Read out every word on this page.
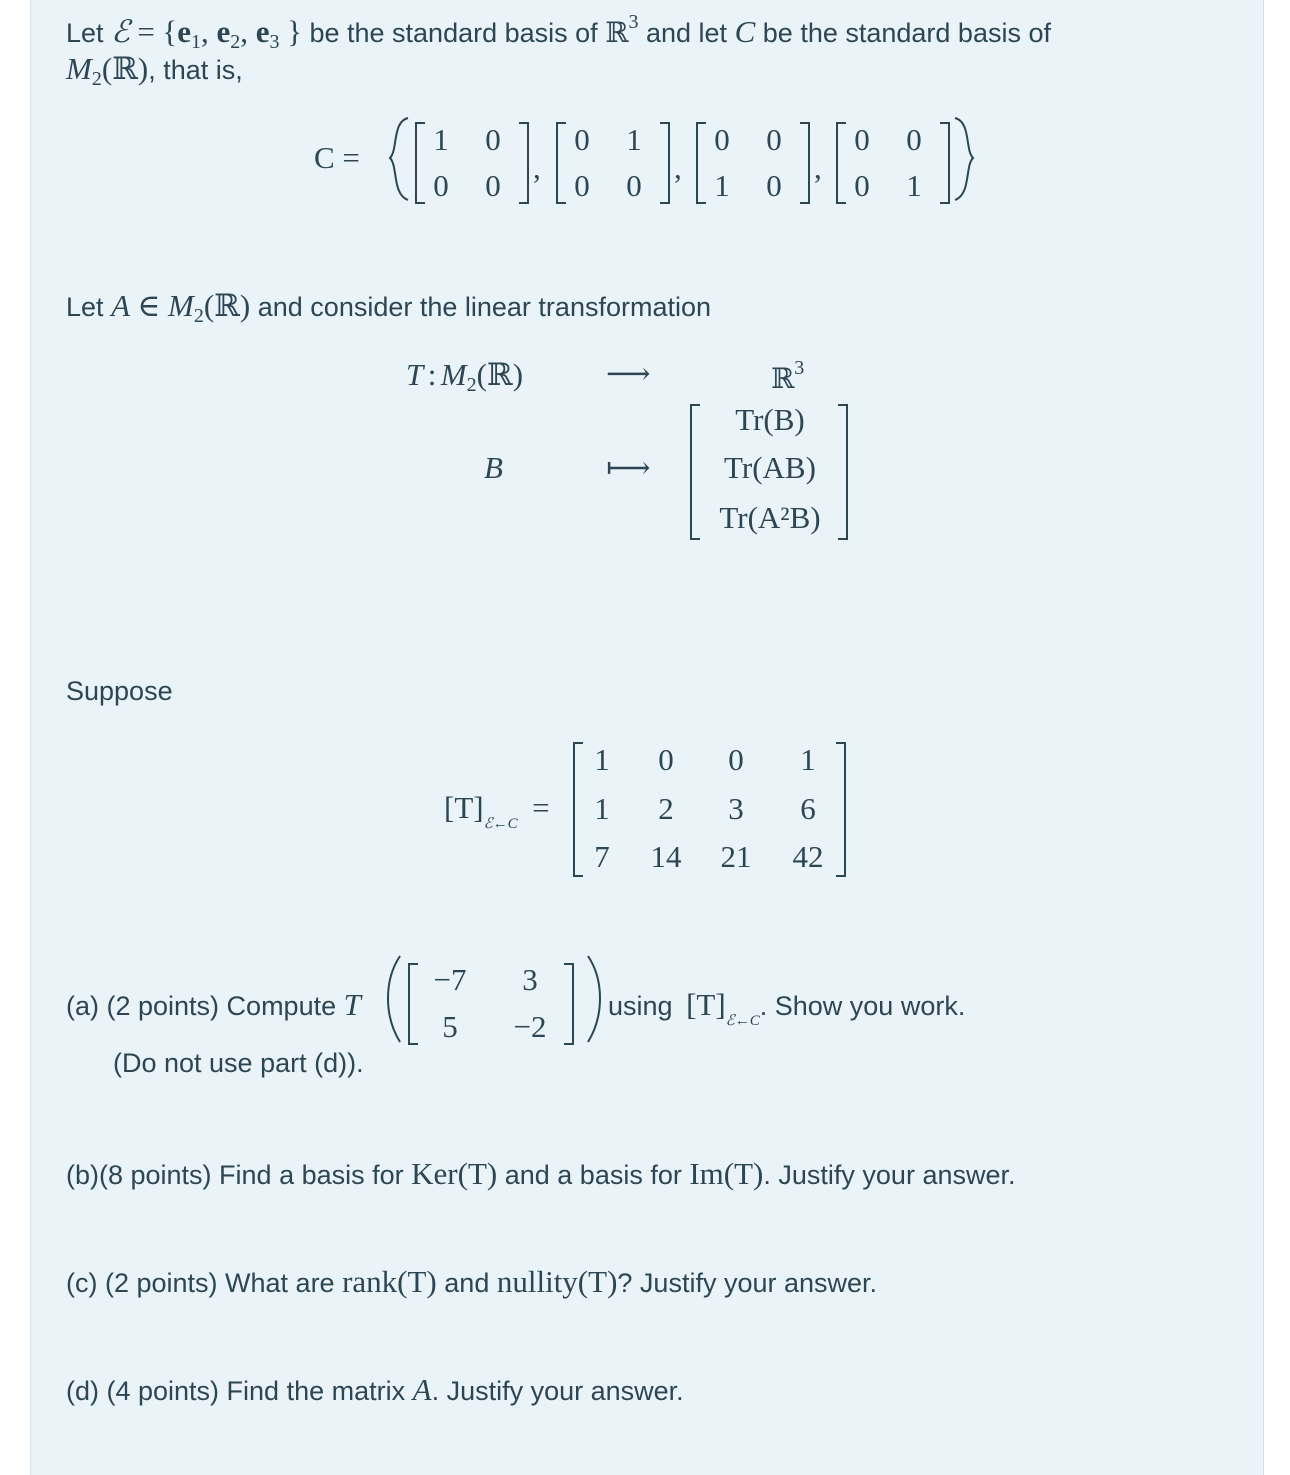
Let ℰ = {$e_1$, $e_2$, $e_3$ } be the standard basis of ℝ$^3$ and let C be the standard basis of
$M_2(ℝ)$, that is,
C =
1	0
0	0
,
0	1
0	0
,
0	0
1	0
,
0	0
0	1
Let A ∈ $M_2(ℝ)$ and consider the linear transformation
T : M2(ℝ)	⟶	ℝ3
B	⟼
Tr(B)
Tr(AB)
Tr(A²B)
Suppose
[T]ℰ←C =
1	0	0	1
1	2	3	6
7	14	21	42
(a) (2 points) Compute T
−7	3
5	−2
using $[T]_{ℰ\leftarrow C}$. Show you work.
(Do not use part (d)).
(b)(8 points) Find a basis for Ker(T) and a basis for Im(T). Justify your answer.
(c) (2 points) What are rank(T) and nullity(T)? Justify your answer.
(d) (4 points) Find the matrix A. Justify your answer.
